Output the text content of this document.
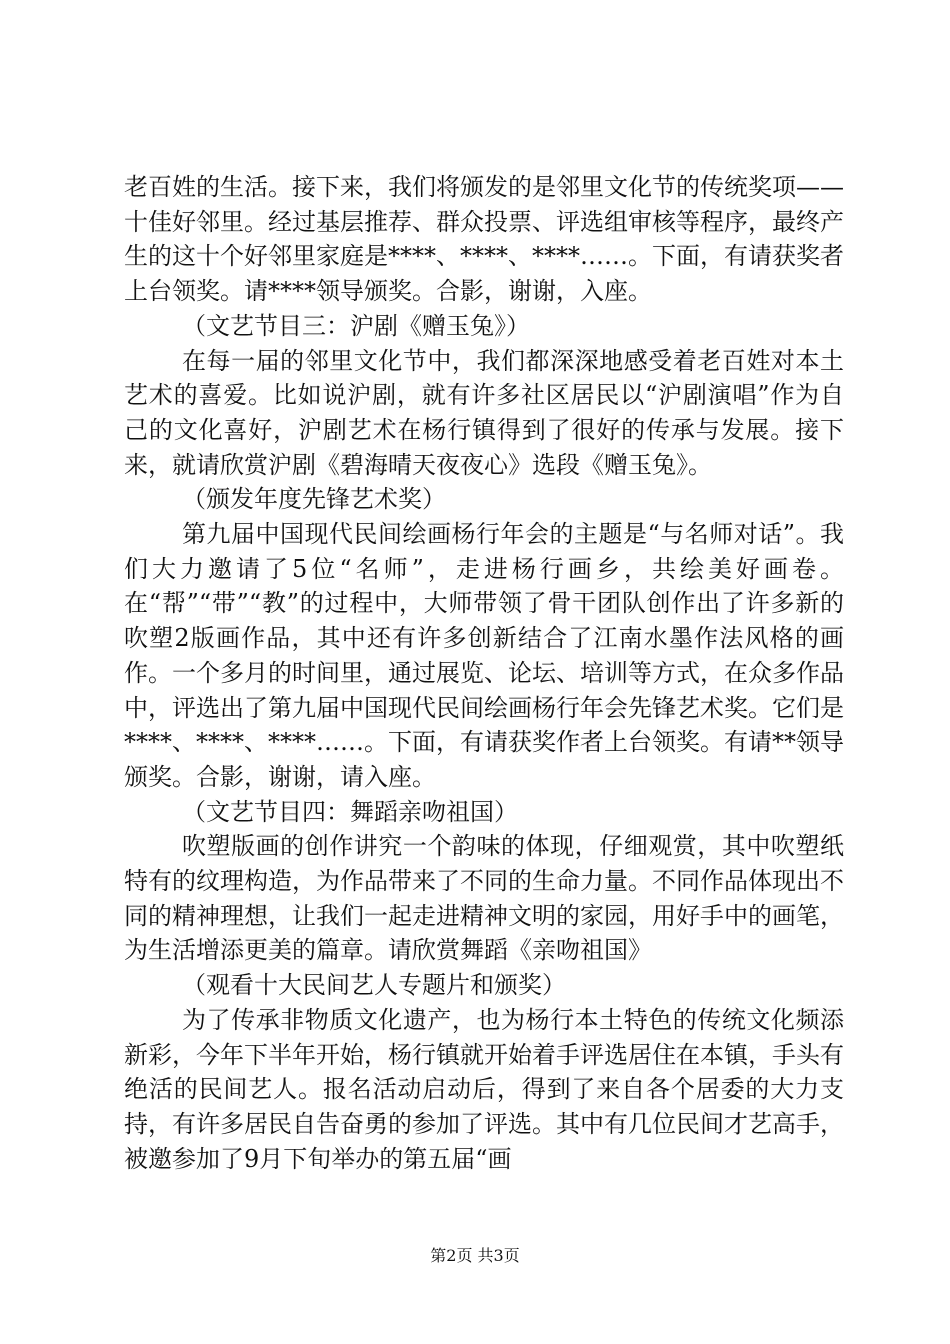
老百姓的生活。接下来，我们将颁发的是邻里文化节的传统奖项——十佳好邻里。经过基层推荐、群众投票、评选组审核等程序，最终产生的这十个好邻里家庭是****、****、****……。下面，有请获奖者上台领奖。请****领导颁奖。合影，谢谢，入座。

（文艺节目三：沪剧《赠玉兔》）

在每一届的邻里文化节中，我们都深深地感受着老百姓对本土艺术的喜爱。比如说沪剧，就有许多社区居民以“沪剧演唱”作为自己的文化喜好，沪剧艺术在杨行镇得到了很好的传承与发展。接下来，就请欣赏沪剧《碧海晴天夜夜心》选段《赠玉兔》。

（颁发年度先锋艺术奖）

第九届中国现代民间绘画杨行年会的主题是“与名师对话”。我们大力邀请了5位“名师”，走进杨行画乡，共绘美好画卷。在“帮”“带”“教”的过程中，大师带领了骨干团队创作出了许多新的吹塑2版画作品，其中还有许多创新结合了江南水墨作法风格的画作。一个多月的时间里，通过展览、论坛、培训等方式，在众多作品中，评选出了第九届中国现代民间绘画杨行年会先锋艺术奖。它们是****、****、****……。下面，有请获奖作者上台领奖。有请**领导颁奖。合影，谢谢，请入座。

（文艺节目四：舞蹈亲吻祖国）

吹塑版画的创作讲究一个韵味的体现，仔细观赏，其中吹塑纸特有的纹理构造，为作品带来了不同的生命力量。不同作品体现出不同的精神理想，让我们一起走进精神文明的家园，用好手中的画笔，为生活增添更美的篇章。请欣赏舞蹈《亲吻祖国》

（观看十大民间艺人专题片和颁奖）

为了传承非物质文化遗产，也为杨行本土特色的传统文化频添新彩，今年下半年开始，杨行镇就开始着手评选居住在本镇，手头有绝活的民间艺人。报名活动启动后，得到了来自各个居委的大力支持，有许多居民自告奋勇的参加了评选。其中有几位民间才艺高手，被邀参加了9月下旬举办的第五届“画

第2页 共3页
